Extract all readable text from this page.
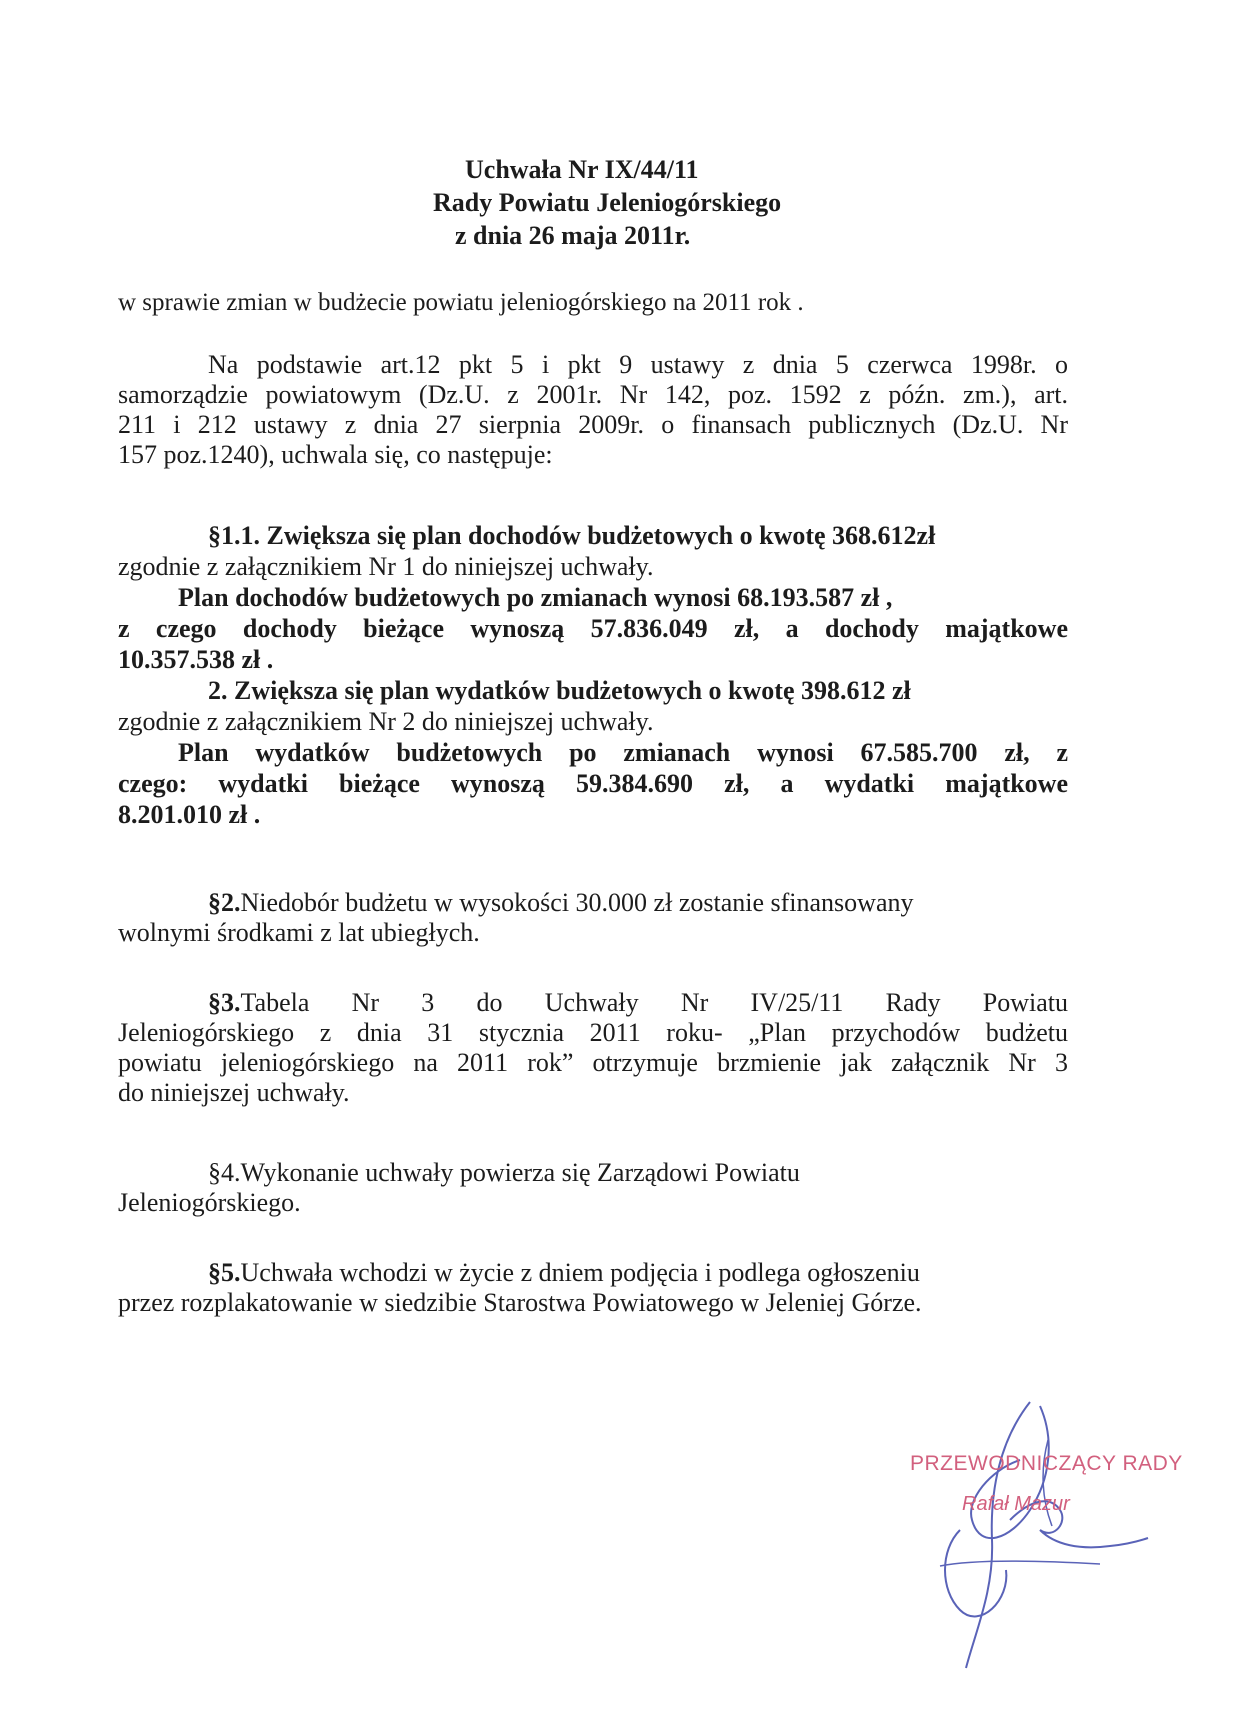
Uchwała Nr IX/44/11
Rady Powiatu Jeleniogórskiego
z dnia 26 maja 2011r.
w sprawie zmian w budżecie powiatu jeleniogórskiego na 2011 rok .
Na podstawie art.12 pkt 5 i pkt 9 ustawy z dnia 5 czerwca 1998r. o
samorządzie powiatowym (Dz.U. z 2001r. Nr 142, poz. 1592 z późn. zm.), art.
211 i 212 ustawy z dnia 27 sierpnia 2009r. o finansach publicznych (Dz.U. Nr
157 poz.1240), uchwala się, co następuje:
§1.1. Zwiększa się plan dochodów budżetowych o kwotę 368.612zł
zgodnie z załącznikiem Nr 1 do niniejszej uchwały.
Plan dochodów budżetowych po zmianach wynosi 68.193.587 zł ,
z czego dochody bieżące wynoszą 57.836.049 zł, a dochody majątkowe
10.357.538 zł .
2. Zwiększa się plan wydatków budżetowych o kwotę 398.612 zł
zgodnie z załącznikiem Nr 2 do niniejszej uchwały.
Plan wydatków budżetowych po zmianach wynosi 67.585.700 zł, z
czego: wydatki bieżące wynoszą 59.384.690 zł, a wydatki majątkowe
8.201.010 zł .
§2.Niedobór budżetu w wysokości 30.000 zł zostanie sfinansowany
wolnymi środkami z lat ubiegłych.
§3.Tabela Nr 3 do Uchwały Nr IV/25/11 Rady Powiatu
Jeleniogórskiego z dnia 31 stycznia 2011 roku- „Plan przychodów budżetu
powiatu jeleniogórskiego na 2011 rok” otrzymuje brzmienie jak załącznik Nr 3
do niniejszej uchwały.
§4.Wykonanie uchwały powierza się Zarządowi Powiatu
Jeleniogórskiego.
§5.Uchwała wchodzi w życie z dniem podjęcia i podlega ogłoszeniu
przez rozplakatowanie w siedzibie Starostwa Powiatowego w Jeleniej Górze.
PRZEWODNICZĄCY RADY
Rafał Mazur
